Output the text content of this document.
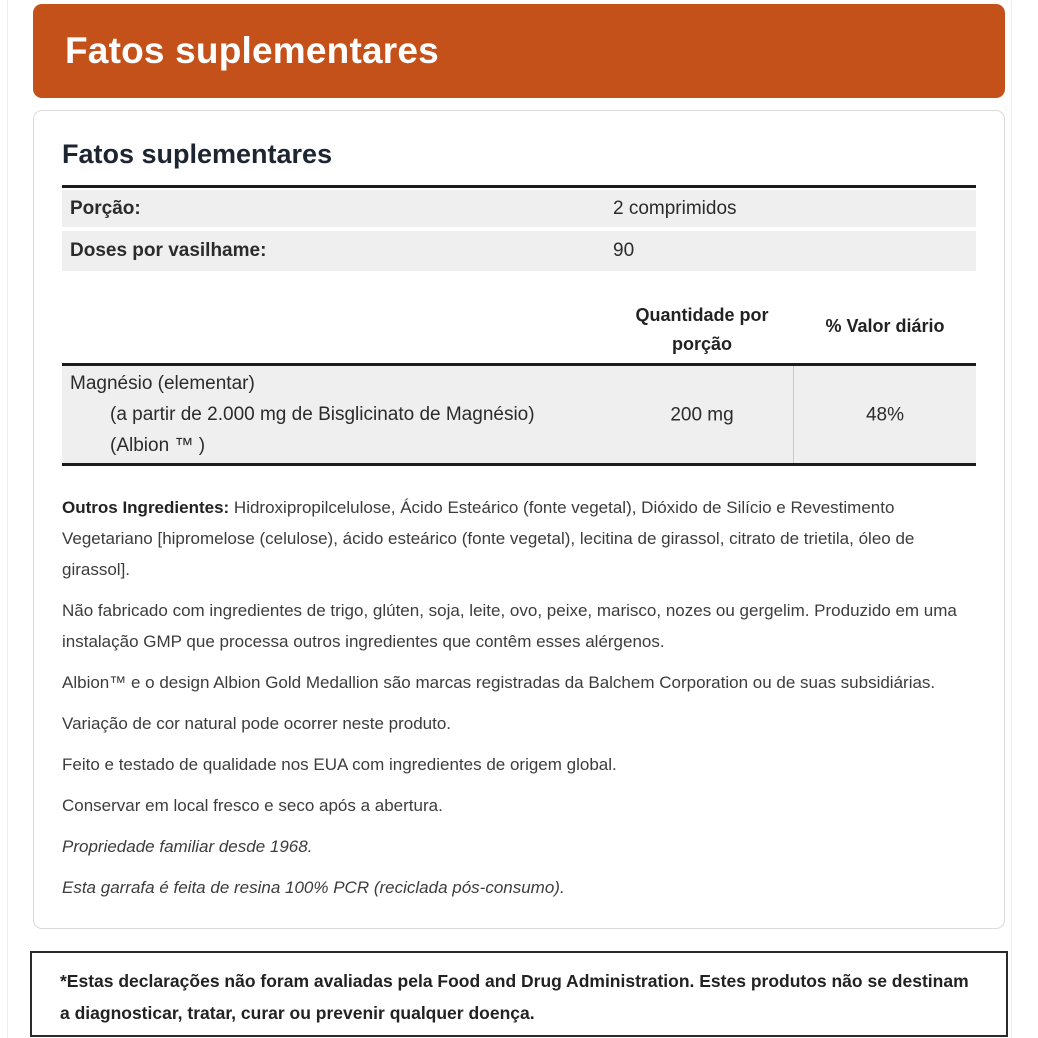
Fatos suplementares
Fatos suplementares
Porção:	2 comprimidos
Doses por vasilhame:	90
Quantidade por porção
% Valor diário
Magnésio (elementar)
(a partir de 2.000 mg de Bisglicinato de Magnésio) (Albion ™ )
200 mg	48%

Outros Ingredientes: Hidroxipropilcelulose, Ácido Esteárico (fonte vegetal), Dióxido de Silício e Revestimento Vegetariano [hipromelose (celulose), ácido esteárico (fonte vegetal), lecitina de girassol, citrato de trietila, óleo de girassol].

Não fabricado com ingredientes de trigo, glúten, soja, leite, ovo, peixe, marisco, nozes ou gergelim. Produzido em uma instalação GMP que processa outros ingredientes que contêm esses alérgenos.

Albion™ e o design Albion Gold Medallion são marcas registradas da Balchem Corporation ou de suas subsidiárias.

Variação de cor natural pode ocorrer neste produto.

Feito e testado de qualidade nos EUA com ingredientes de origem global.

Conservar em local fresco e seco após a abertura.

Propriedade familiar desde 1968.

Esta garrafa é feita de resina 100% PCR (reciclada pós-consumo).

*Estas declarações não foram avaliadas pela Food and Drug Administration. Estes produtos não se destinam a diagnosticar, tratar, curar ou prevenir qualquer doença.
